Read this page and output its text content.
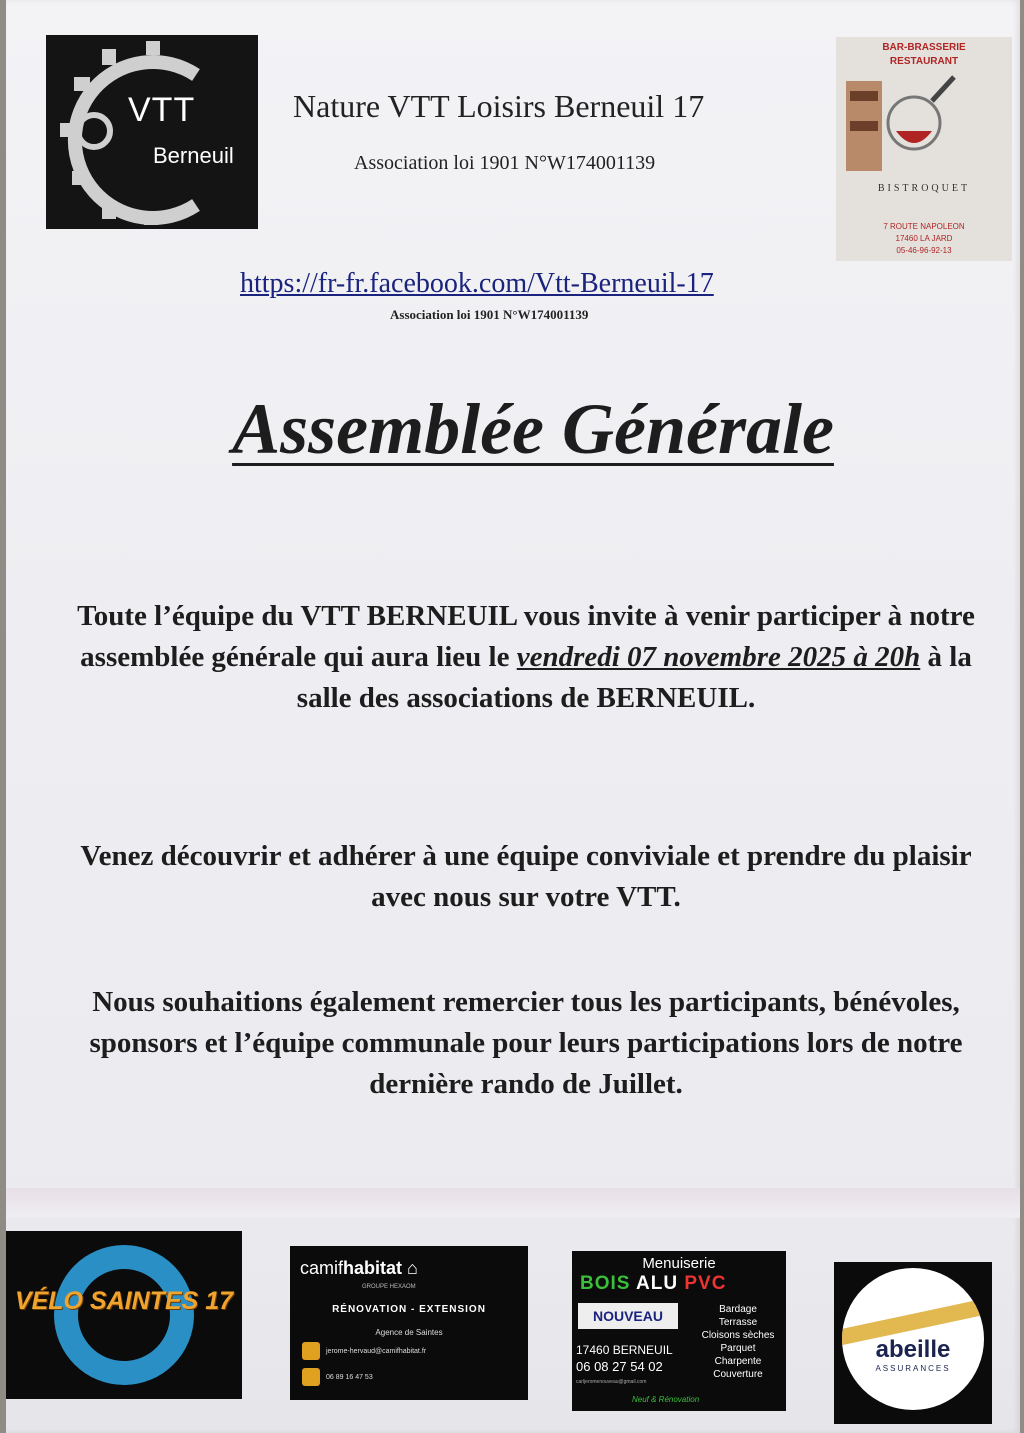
VTT
Berneuil
Nature VTT Loisirs Berneuil 17
Association loi 1901 N°W174001139
BAR-BRASSERIE
RESTAURANT
BISTROQUET
7 ROUTE NAPOLEON
17460 LA JARD
05-46-96-92-13
https://fr-fr.facebook.com/Vtt-Berneuil-17
Association loi 1901 N°W174001139
Assemblée Générale
Toute l’équipe du VTT BERNEUIL vous invite à venir participer à notre assemblée générale qui aura lieu le vendredi 07 novembre 2025 à 20h à la salle des associations de BERNEUIL.
Venez découvrir et adhérer à une équipe conviviale et prendre du plaisir avec nous sur votre VTT.
Nous souhaitions également remercier tous les participants, bénévoles, sponsors et l’équipe communale pour leurs participations lors de notre dernière rando de Juillet.
VÉLO SAINTES 17
camifhabitat ⌂
GROUPE HEXAOM
RÉNOVATION - EXTENSION
Agence de Saintes
jerome-hervaud@camifhabitat.fr
06 89 16 47 53
Menuiserie
BOIS ALU PVC
NOUVEAU
17460 BERNEUIL
06 08 27 54 02
carljeromenouveau@gmail.com
Bardage
Terrasse
Cloisons sèches
Parquet
Charpente
Couverture
Neuf & Rénovation
abeille
ASSURANCES
